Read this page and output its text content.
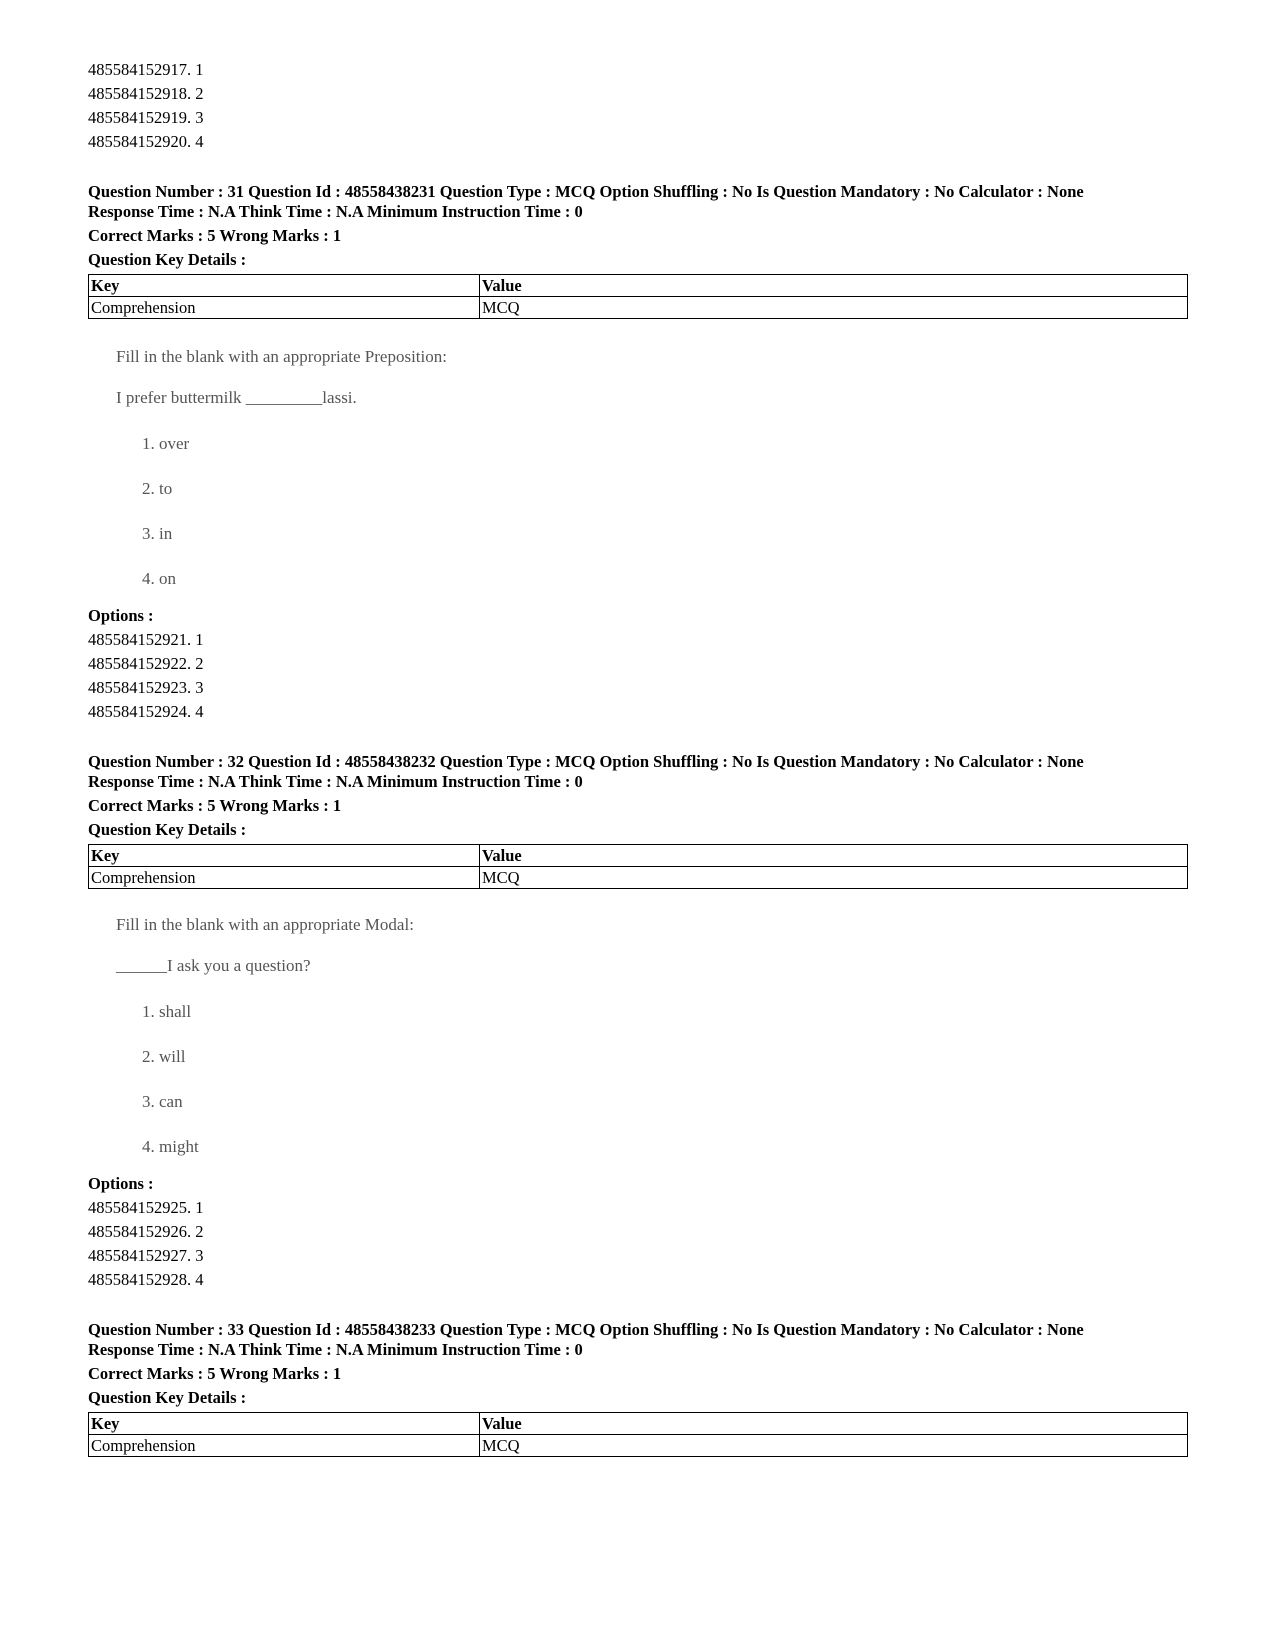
485584152917. 1
485584152918. 2
485584152919. 3
485584152920. 4
Question Number : 31 Question Id : 48558438231 Question Type : MCQ Option Shuffling : No Is Question Mandatory : No Calculator : None
Response Time : N.A Think Time : N.A Minimum Instruction Time : 0
Correct Marks : 5 Wrong Marks : 1
Question Key Details :
Key	Value
Comprehension	MCQ
Fill in the blank with an appropriate Preposition:
I prefer buttermilk _________lassi.
1. over
2. to
3. in
4. on
Options :
485584152921. 1
485584152922. 2
485584152923. 3
485584152924. 4
Question Number : 32 Question Id : 48558438232 Question Type : MCQ Option Shuffling : No Is Question Mandatory : No Calculator : None
Response Time : N.A Think Time : N.A Minimum Instruction Time : 0
Correct Marks : 5 Wrong Marks : 1
Question Key Details :
Key	Value
Comprehension	MCQ
Fill in the blank with an appropriate Modal:
______I ask you a question?
1. shall
2. will
3. can
4. might
Options :
485584152925. 1
485584152926. 2
485584152927. 3
485584152928. 4
Question Number : 33 Question Id : 48558438233 Question Type : MCQ Option Shuffling : No Is Question Mandatory : No Calculator : None
Response Time : N.A Think Time : N.A Minimum Instruction Time : 0
Correct Marks : 5 Wrong Marks : 1
Question Key Details :
Key	Value
Comprehension	MCQ
